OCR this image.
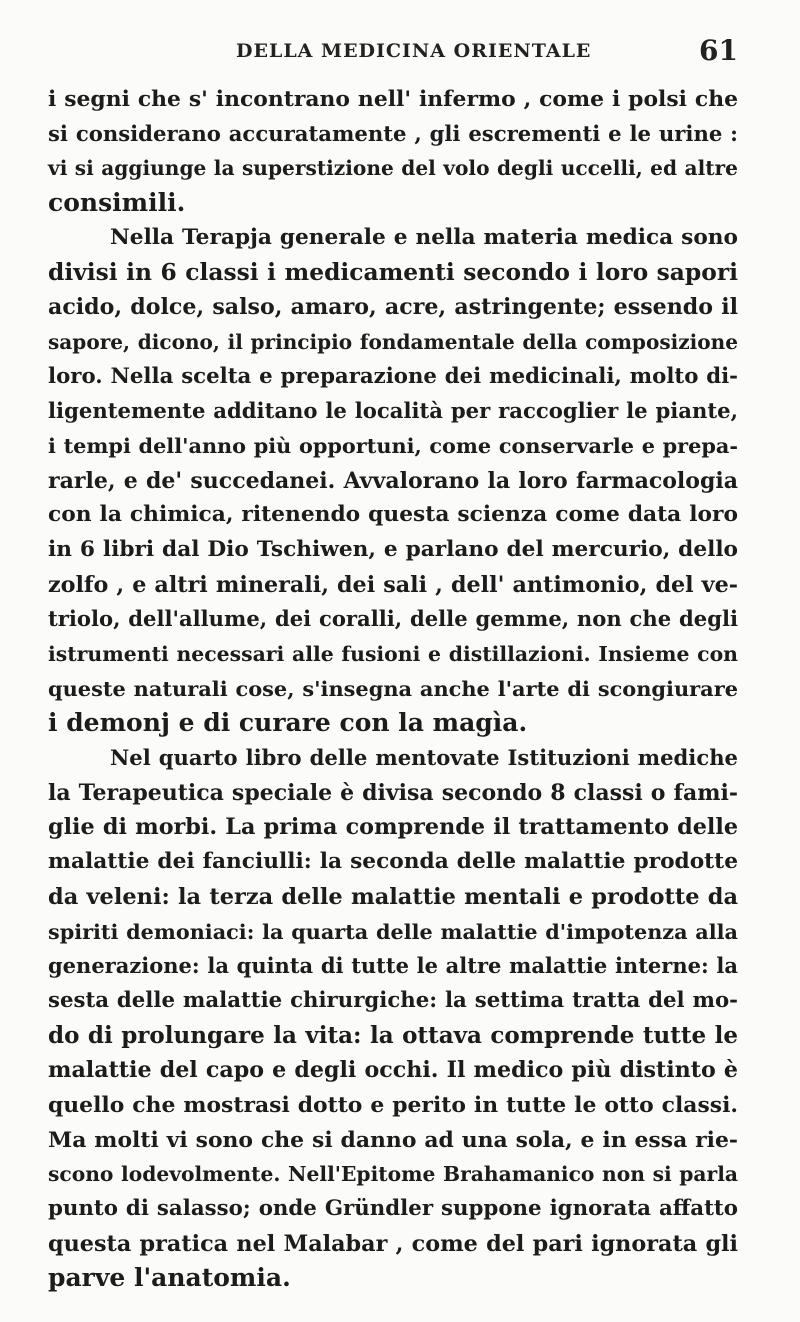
DELLA MEDICINA ORIENTALE	61
i segni che s' incontrano nell' infermo , come i polsi che
si considerano accuratamente , gli escrementi e le urine :
vi si aggiunge la superstizione del volo degli uccelli, ed altre
consimili.
Nella Terapja generale e nella materia medica sono
divisi in 6 classi i medicamenti secondo i loro sapori
acido, dolce, salso, amaro, acre, astringente; essendo il
sapore, dicono, il principio fondamentale della composizione
loro. Nella scelta e preparazione dei medicinali, molto di-
ligentemente additano le località per raccoglier le piante,
i tempi dell'anno più opportuni, come conservarle e prepa-
rarle, e de' succedanei. Avvalorano la loro farmacologia
con la chimica, ritenendo questa scienza come data loro
in 6 libri dal Dio Tschiwen, e parlano del mercurio, dello
zolfo , e altri minerali, dei sali , dell' antimonio, del ve-
triolo, dell'allume, dei coralli, delle gemme, non che degli
istrumenti necessari alle fusioni e distillazioni. Insieme con
queste naturali cose, s'insegna anche l'arte di scongiurare
i demonj e di curare con la magìa.
Nel quarto libro delle mentovate Istituzioni mediche
la Terapeutica speciale è divisa secondo 8 classi o fami-
glie di morbi. La prima comprende il trattamento delle
malattie dei fanciulli: la seconda delle malattie prodotte
da veleni: la terza delle malattie mentali e prodotte da
spiriti demoniaci: la quarta delle malattie d'impotenza alla
generazione: la quinta di tutte le altre malattie interne: la
sesta delle malattie chirurgiche: la settima tratta del mo-
do di prolungare la vita: la ottava comprende tutte le
malattie del capo e degli occhi. Il medico più distinto è
quello che mostrasi dotto e perito in tutte le otto classi.
Ma molti vi sono che si danno ad una sola, e in essa rie-
scono lodevolmente. Nell'Epitome Brahamanico non si parla
punto di salasso; onde Gründler suppone ignorata affatto
questa pratica nel Malabar , come del pari ignorata gli
parve l'anatomia.
